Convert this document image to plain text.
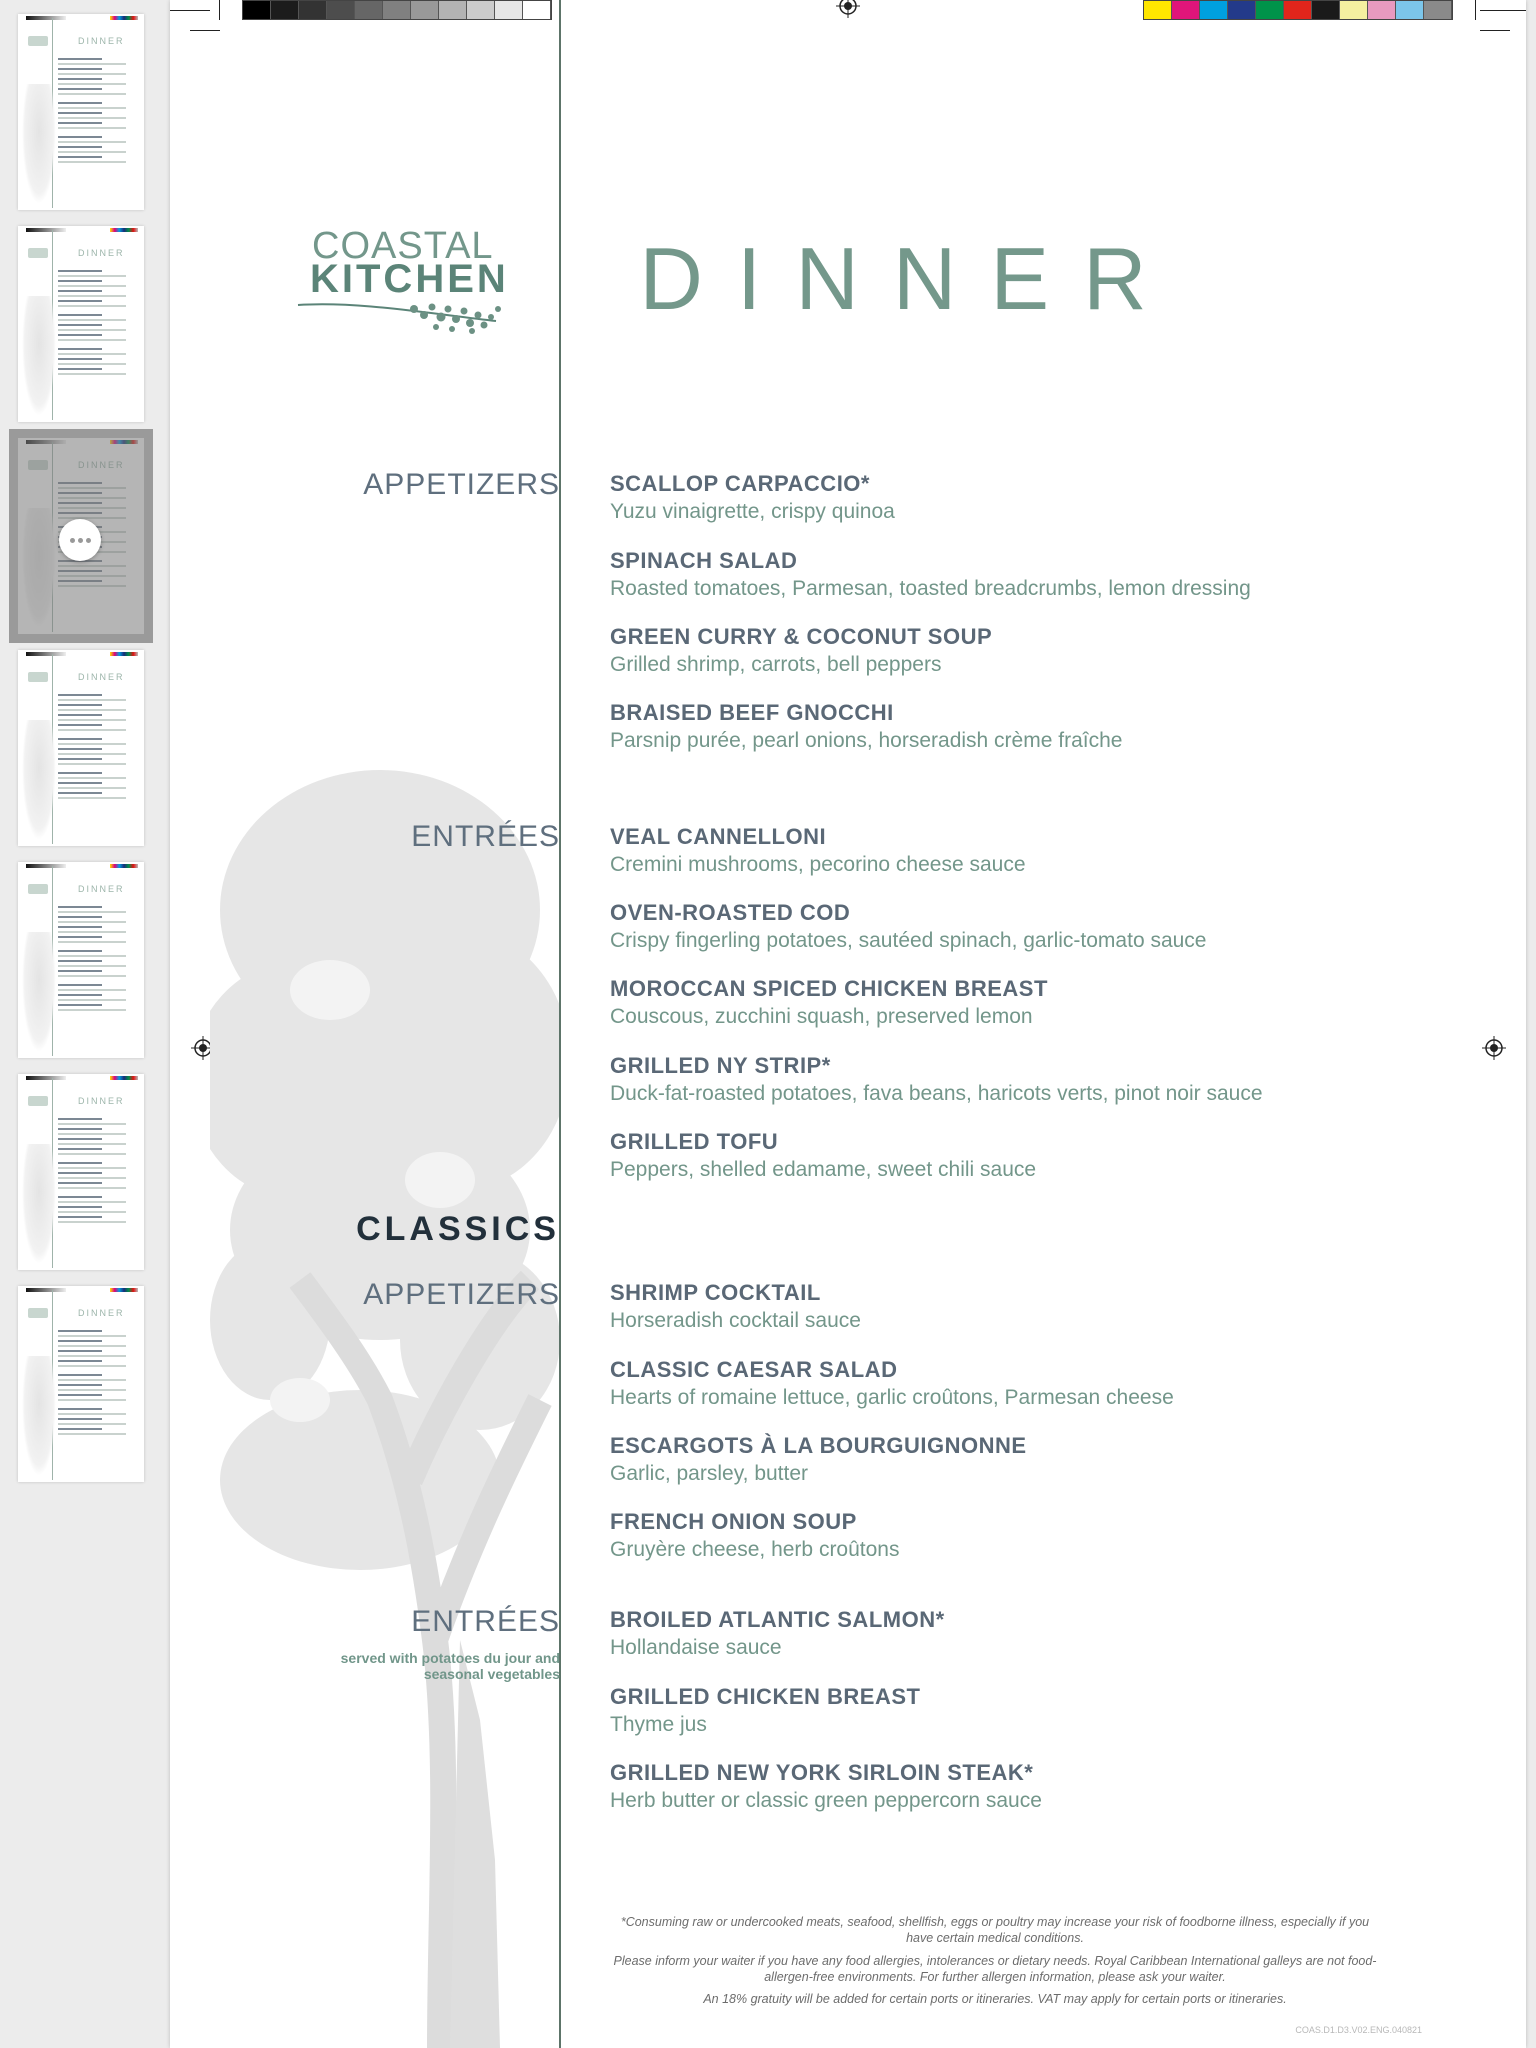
DINNER
DINNER
DINNER
DINNER
DINNER
DINNER
COASTAL
KITCHEN	DINNER
APPETIZERS
ENTRÉES
CLASSICS
APPETIZERS
ENTRÉES
served with potatoes du jour and seasonal vegetables
SCALLOP CARPACCIO*
Yuzu vinaigrette, crispy quinoa
SPINACH SALAD
Roasted tomatoes, Parmesan, toasted breadcrumbs, lemon dressing
GREEN CURRY & COCONUT SOUP
Grilled shrimp, carrots, bell peppers
BRAISED BEEF GNOCCHI
Parsnip purée, pearl onions, horseradish crème fraîche
VEAL CANNELLONI
Cremini mushrooms, pecorino cheese sauce
OVEN-ROASTED COD
Crispy fingerling potatoes, sautéed spinach, garlic-tomato sauce
MOROCCAN SPICED CHICKEN BREAST
Couscous, zucchini squash, preserved lemon
GRILLED NY STRIP*
Duck-fat-roasted potatoes, fava beans, haricots verts, pinot noir sauce
GRILLED TOFU
Peppers, shelled edamame, sweet chili sauce
SHRIMP COCKTAIL
Horseradish cocktail sauce
CLASSIC CAESAR SALAD
Hearts of romaine lettuce, garlic croûtons, Parmesan cheese
ESCARGOTS À LA BOURGUIGNONNE
Garlic, parsley, butter
FRENCH ONION SOUP
Gruyère cheese, herb croûtons
BROILED ATLANTIC SALMON*
Hollandaise sauce
GRILLED CHICKEN BREAST
Thyme jus
GRILLED NEW YORK SIRLOIN STEAK*
Herb butter or classic green peppercorn sauce
*Consuming raw or undercooked meats, seafood, shellfish, eggs or poultry may increase your risk of foodborne illness, especially if you have certain medical conditions.
Please inform your waiter if you have any food allergies, intolerances or dietary needs. Royal Caribbean International galleys are not food-allergen-free environments. For further allergen information, please ask your waiter.
An 18% gratuity will be added for certain ports or itineraries. VAT may apply for certain ports or itineraries.
COAS.D1.D3.V02.ENG.040821
